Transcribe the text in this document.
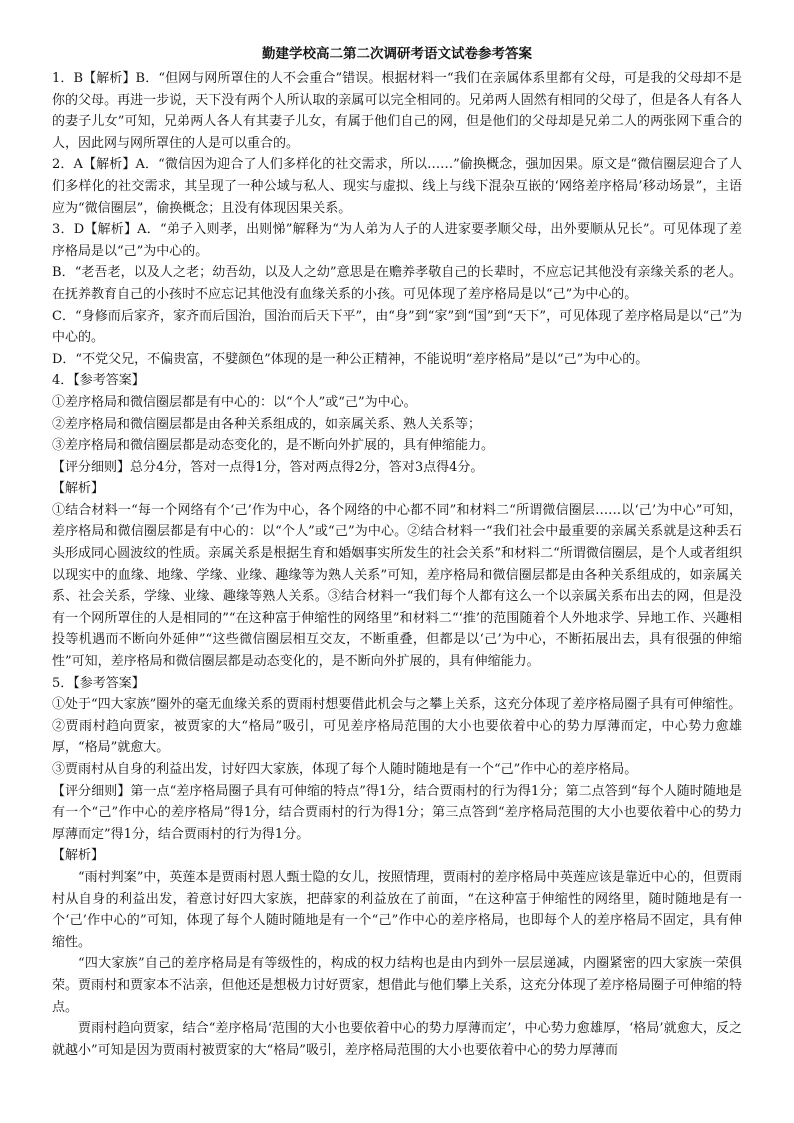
勤建学校高二第二次调研考语文试卷参考答案

1．B【解析】B．“但网与网所罩住的人不会重合”错误。根据材料一“我们在亲属体系里都有父母，可是我的父母却不是你的父母。再进一步说，天下没有两个人所认取的亲属可以完全相同的。兄弟两人固然有相同的父母了，但是各人有各人的妻子儿女”可知，兄弟两人各人有其妻子儿女，有属于他们自己的网，但是他们的父母却是兄弟二人的两张网下重合的人，因此网与网所罩住的人是可以重合的。

2．A【解析】A．“微信因为迎合了人们多样化的社交需求，所以……”偷换概念，强加因果。原文是“微信圈层迎合了人们多样化的社交需求，其呈现了一种公域与私人、现实与虚拟、线上与线下混杂互嵌的‘网络差序格局’移动场景”，主语应为“微信圈层”，偷换概念；且没有体现因果关系。

3．D【解析】A．“弟子入则孝，出则悌”解释为“为人弟为人子的人进家要孝顺父母，出外要顺从兄长”。可见体现了差序格局是以“己”为中心的。

B．“老吾老，以及人之老；幼吾幼，以及人之幼”意思是在赡养孝敬自己的长辈时，不应忘记其他没有亲缘关系的老人。在抚养教育自己的小孩时不应忘记其他没有血缘关系的小孩。可见体现了差序格局是以“己”为中心的。

C．“身修而后家齐，家齐而后国治，国治而后天下平”，由“身”到“家”到“国”到“天下”，可见体现了差序格局是以“己”为中心的。

D．“不党父兄，不偏贵富，不嬖颜色”体现的是一种公正精神，不能说明“差序格局”是以“己”为中心的。

4．【参考答案】

①差序格局和微信圈层都是有中心的：以“个人”或“己”为中心。

②差序格局和微信圈层都是由各种关系组成的，如亲属关系、熟人关系等；

③差序格局和微信圈层都是动态变化的，是不断向外扩展的，具有伸缩能力。

【评分细则】总分4分，答对一点得1分，答对两点得2分，答对3点得4分。

【解析】

①结合材料一“每一个网络有个‘己’作为中心，各个网络的中心都不同”和材料二“所谓微信圈层……以‘己’为中心”可知，差序格局和微信圈层都是有中心的：以“个人”或“己”为中心。②结合材料一“我们社会中最重要的亲属关系就是这种丢石头形成同心圆波纹的性质。亲属关系是根据生育和婚姻事实所发生的社会关系”和材料二“所谓微信圈层，是个人或者组织以现实中的血缘、地缘、学缘、业缘、趣缘等为熟人关系”可知，差序格局和微信圈层都是由各种关系组成的，如亲属关系、社会关系，学缘、业缘、趣缘等熟人关系。③结合材料一“我们每个人都有这么一个以亲属关系布出去的网，但是没有一个网所罩住的人是相同的”“在这种富于伸缩性的网络里”和材料二“‘推’的范围随着个人外地求学、异地工作、兴趣相投等机遇而不断向外延伸”“这些微信圈层相互交友，不断重叠，但都是以‘己’为中心，不断拓展出去，具有很强的伸缩性”可知，差序格局和微信圈层都是动态变化的，是不断向外扩展的，具有伸缩能力。

5．【参考答案】

①处于“四大家族”圈外的毫无血缘关系的贾雨村想要借此机会与之攀上关系，这充分体现了差序格局圈子具有可伸缩性。

②贾雨村趋向贾家，被贾家的大“格局”吸引，可见差序格局范围的大小也要依着中心的势力厚薄而定，中心势力愈雄厚，“格局”就愈大。

③贾雨村从自身的利益出发，讨好四大家族，体现了每个人随时随地是有一个“己”作中心的差序格局。

【评分细则】第一点“差序格局圈子具有可伸缩的特点”得1分，结合贾雨村的行为得1分；第二点答到“每个人随时随地是有一个“己”作中心的差序格局”得1分，结合贾雨村的行为得1分；第三点答到“差序格局范围的大小也要依着中心的势力厚薄而定”得1分，结合贾雨村的行为得1分。

【解析】

“雨村判案”中，英莲本是贾雨村恩人甄士隐的女儿，按照情理，贾雨村的差序格局中英莲应该是靠近中心的，但贾雨村从自身的利益出发，着意讨好四大家族，把薛家的利益放在了前面，“在这种富于伸缩性的网络里，随时随地是有一个‘己’作中心的”可知，体现了每个人随时随地是有一个“己”作中心的差序格局，也即每个人的差序格局不固定，具有伸缩性。

“四大家族”自己的差序格局是有等级性的，构成的权力结构也是由内到外一层层递减，内圈紧密的四大家族一荣俱荣。贾雨村和贾家本不沾亲，但他还是想极力讨好贾家，想借此与他们攀上关系，这充分体现了差序格局圈子可伸缩的特点。

贾雨村趋向贾家，结合“差序格局‘范围的大小也要依着中心的势力厚薄而定’，中心势力愈雄厚，‘格局’就愈大，反之就越小”可知是因为贾雨村被贾家的大“格局”吸引，差序格局范围的大小也要依着中心的势力厚薄而
